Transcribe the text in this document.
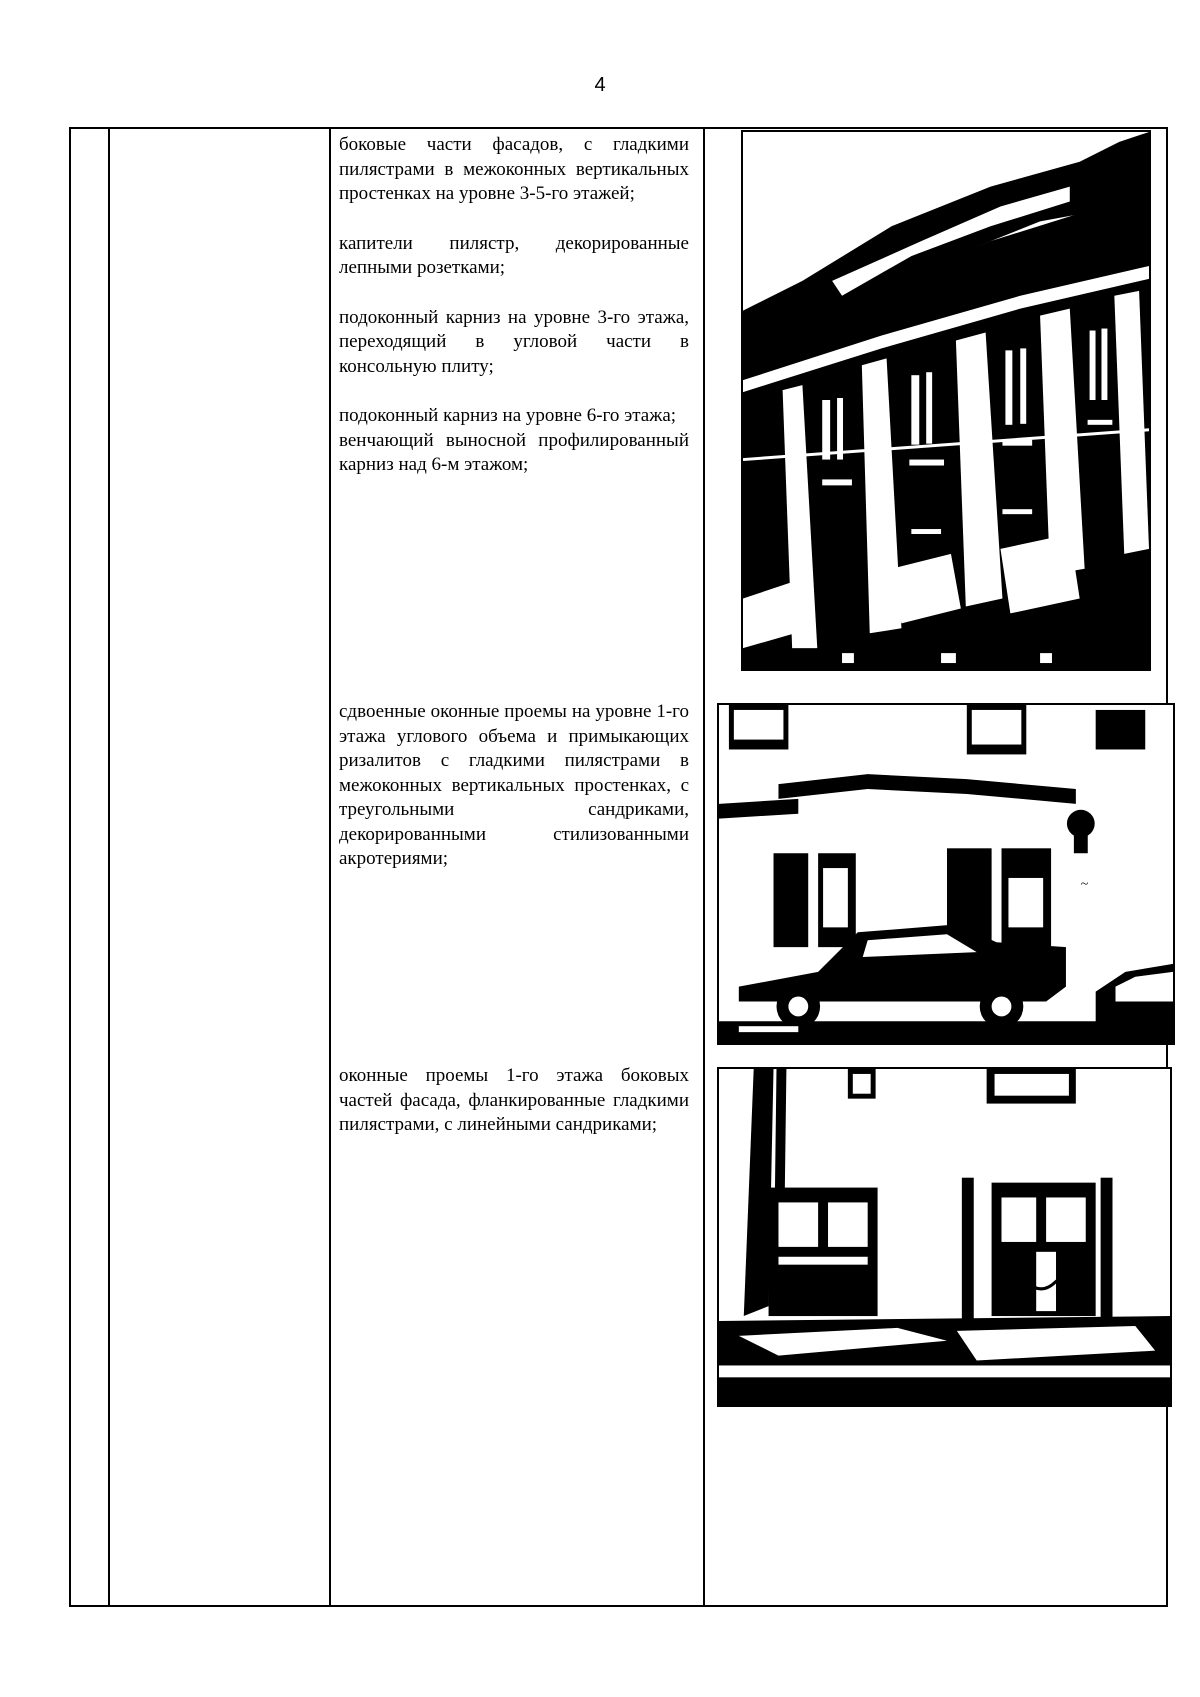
4

боковые части фасадов, с гладкими пилястрами в межоконных вертикальных простенках на уровне 3-5-го этажей;

капители пилястр, декорированные лепными розетками;

подоконный карниз на уровне 3-го этажа, переходящий в угловой части в консольную плиту;

подоконный карниз на уровне 6-го этажа;

венчающий выносной профилированный карниз над 6-м этажом;

сдвоенные оконные проемы на уровне 1-го этажа углового объема и примыкающих ризалитов с гладкими пилястрами в межоконных вертикальных простенках, с треугольными сандриками, декорированными стилизованными акротериями;

оконные проемы 1-го этажа боковых частей фасада, фланкированные гладкими пилястрами, с линейными сандриками;

~
